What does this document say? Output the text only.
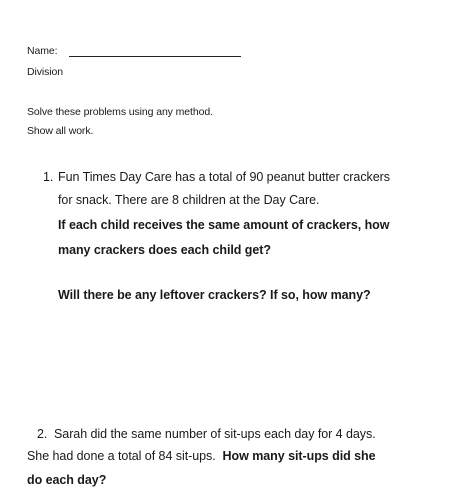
Name:
Division
Solve these problems using any method.
Show all work.
1. Fun Times Day Care has a total of 90 peanut butter crackers
for snack. There are 8 children at the Day Care.
If each child receives the same amount of crackers, how
many crackers does each child get?
Will there be any leftover crackers? If so, how many?
2. Sarah did the same number of sit-ups each day for 4 days.
She had done a total of 84 sit-ups. How many sit-ups did she
do each day?
